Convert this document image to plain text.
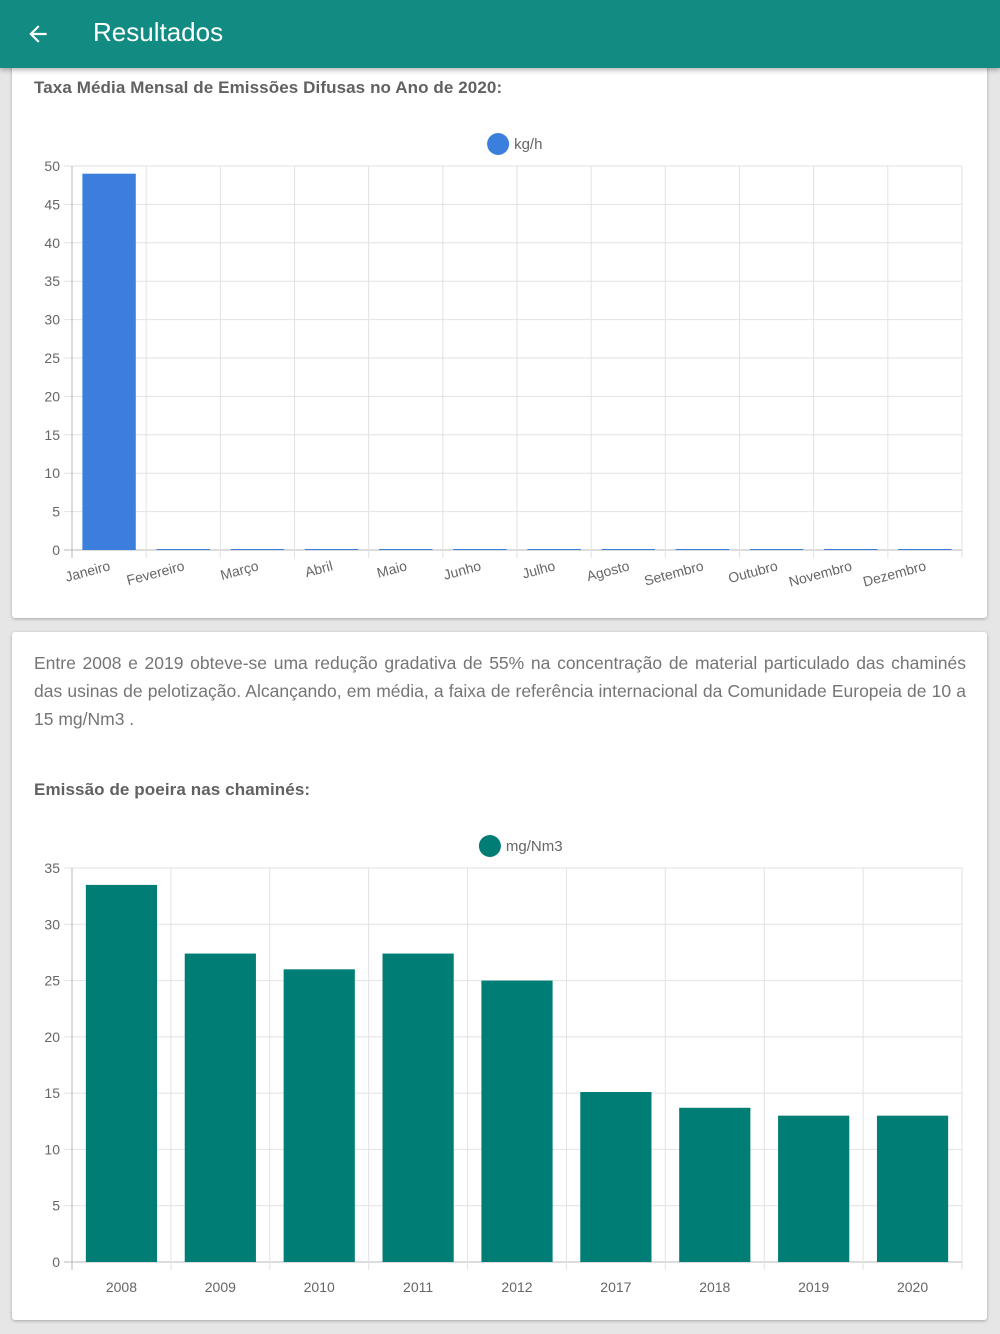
Resultados
Taxa Média Mensal de Emissões Difusas no Ano de 2020:
kg/h
0
5
10
15
20
25
30
35
40
45
50
Janeiro Fevereiro Março	Abril	Maio Junho	Julho Agosto Setembro Outubro Novembro Dezembro

Entre 2008 e 2019 obteve-se uma redução gradativa de 55% na concentração de material particulado das chaminés das usinas de pelotização. Alcançando, em média, a faixa de referência internacional da Comunidade Europeia de 10 a 15 mg/Nm3 .

Emissão de poeira nas chaminés:
mg/Nm3
0
5
10
15
20
25
30
35
2008	2009	2010	2011	2012	2017	2018	2019	2020
